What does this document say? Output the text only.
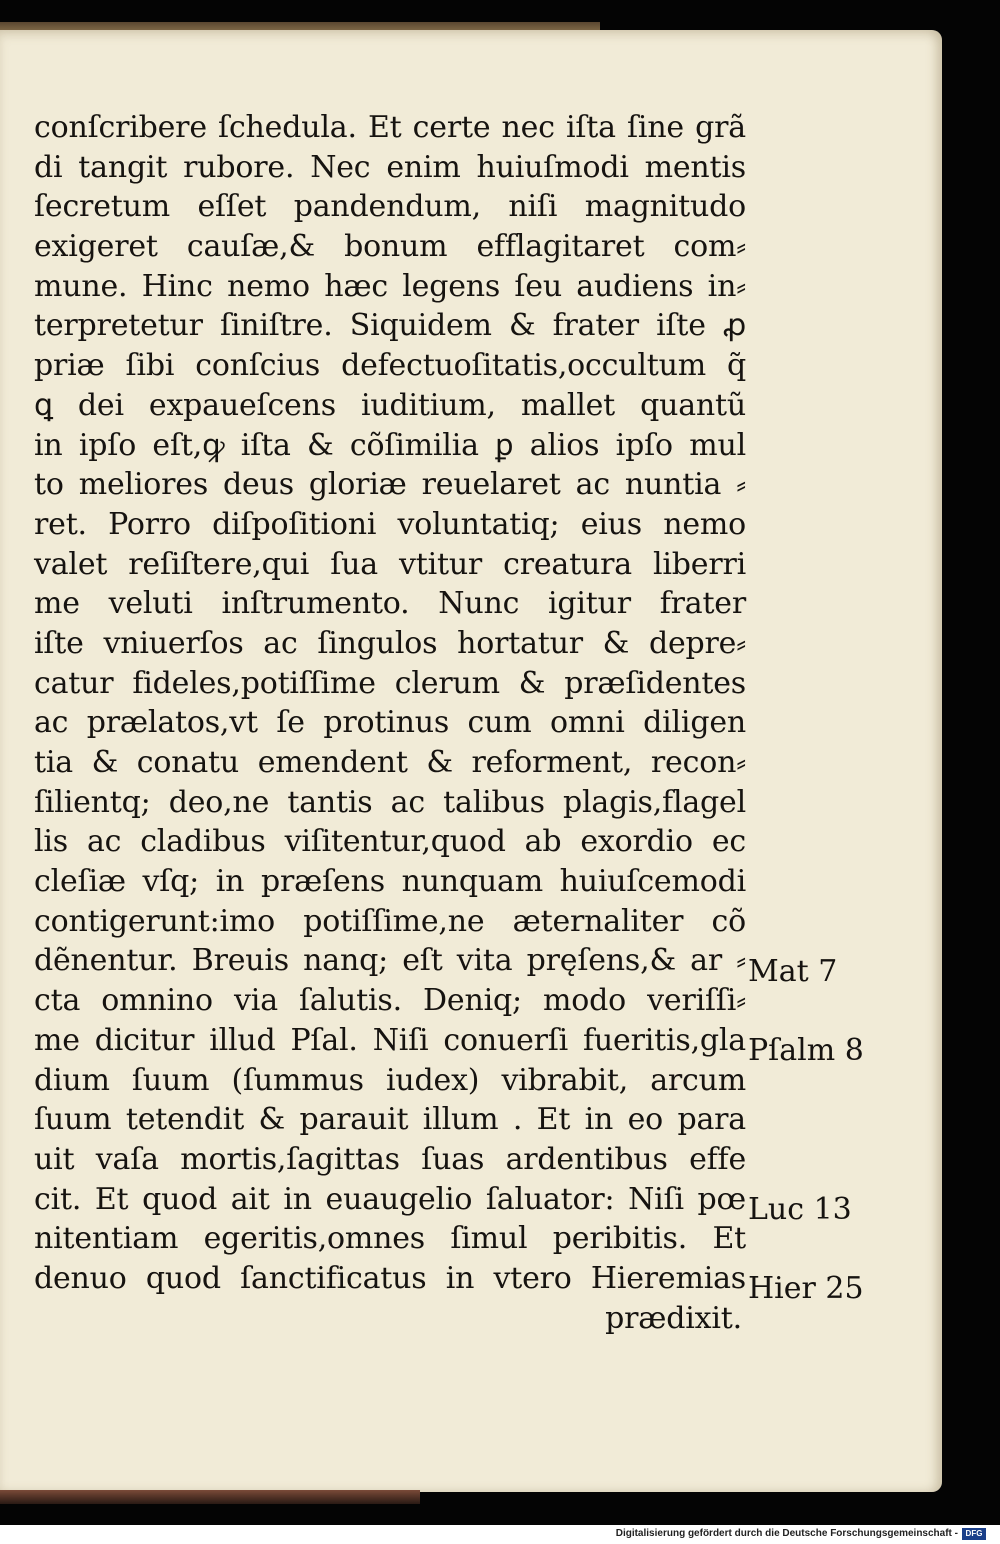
conſcribere ſchedula. Et certe nec iſta ſine grã
di tangit rubore. Nec enim huiuſmodi mentis
ſecretum eſſet pandendum, niſi magnitudo
exigeret cauſæ,& bonum efflagitaret com⸗
mune. Hinc nemo hæc legens ſeu audiens in⸗
terpretetur ſiniſtre. Siquidem & frater iſte ꝓ
priæ ſibi conſcius defectuoſitatis,occultum q̃
ꝗ dei expaueſcens iuditium, mallet quantũ
in ipſo eſt,ꝙ iſta & cõſimilia ꝑ alios ipſo mul
to meliores deus gloriæ reuelaret ac nuntia ⸗
ret. Porro diſpoſitioni voluntatiq; eius nemo
valet reſiſtere,qui ſua vtitur creatura liberri
me veluti inſtrumento. Nunc igitur frater
iſte vniuerſos ac ſingulos hortatur & depre⸗
catur fideles,potiſſime clerum & præſidentes
ac prælatos,vt ſe protinus cum omni diligen
tia & conatu emendent & reforment, recon⸗
ſilientq; deo,ne tantis ac talibus plagis,flagel
lis ac cladibus viſitentur,quod ab exordio ec
cleſiæ vſq; in præſens nunquam huiuſcemodi
contigerunt:imo potiſſime,ne æternaliter cõ
dẽnentur. Breuis nanq; eſt vita pręſens,& ar ⸗
cta omnino via ſalutis. Deniq; modo veriſſi⸗
me dicitur illud Pſal. Niſi conuerſi fueritis,gla
dium ſuum (ſummus iudex) vibrabit, arcum
ſuum tetendit & parauit illum . Et in eo para
uit vaſa mortis,ſagittas ſuas ardentibus effe
cit. Et quod ait in euaugelio ſaluator: Niſi pœ
nitentiam egeritis,omnes ſimul peribitis. Et
denuo quod ſanctificatus in vtero Hieremias
prædixit.
Mat 7
Pſalm 8
Luc 13
Hier 25
Digitalisierung gefördert durch die Deutsche Forschungsgemeinschaft - DFG
